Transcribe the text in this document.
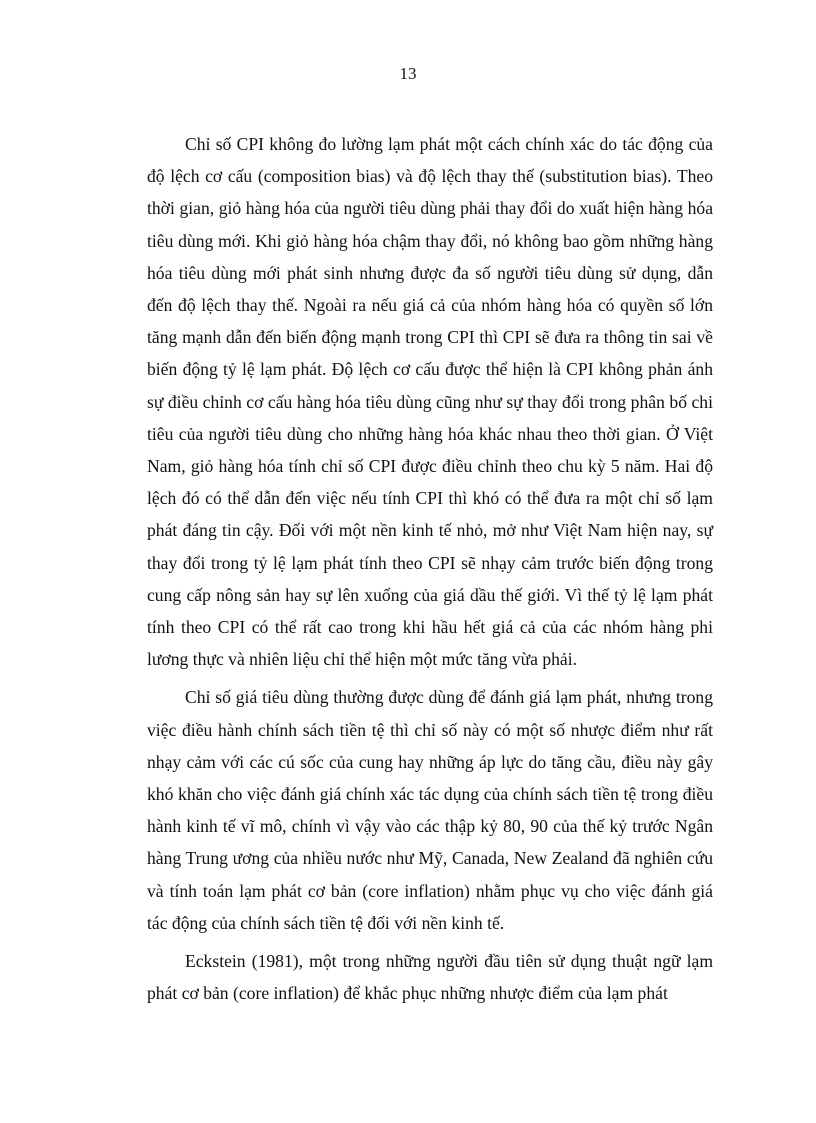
13

Chỉ số CPI không đo lường lạm phát một cách chính xác do tác động của độ lệch cơ cấu (composition bias) và độ lệch thay thế (substitution bias). Theo thời gian, giỏ hàng hóa của người tiêu dùng phải thay đổi do xuất hiện hàng hóa tiêu dùng mới. Khi giỏ hàng hóa chậm thay đổi, nó không bao gồm những hàng hóa tiêu dùng mới phát sinh nhưng được đa số người tiêu dùng sử dụng, dẫn đến độ lệch thay thế. Ngoài ra nếu giá cả của nhóm hàng hóa có quyền số lớn tăng mạnh dẫn đến biến động mạnh trong CPI thì CPI sẽ đưa ra thông tin sai về biến động tỷ lệ lạm phát. Độ lệch cơ cấu được thể hiện là CPI không phản ánh sự điều chỉnh cơ cấu hàng hóa tiêu dùng cũng như sự thay đổi trong phân bố chi tiêu của người tiêu dùng cho những hàng hóa khác nhau theo thời gian. Ở Việt Nam, giỏ hàng hóa tính chỉ số CPI được điều chỉnh theo chu kỳ 5 năm. Hai độ lệch đó có thể dẫn đến việc nếu tính CPI thì khó có thể đưa ra một chỉ số lạm phát đáng tin cậy. Đối với một nền kinh tế nhỏ, mở như Việt Nam hiện nay, sự thay đổi trong tỷ lệ lạm phát tính theo CPI sẽ nhạy cảm trước biến động trong cung cấp nông sản hay sự lên xuống của giá dầu thế giới. Vì thế tỷ lệ lạm phát tính theo CPI có thể rất cao trong khi hầu hết giá cả của các nhóm hàng phi lương thực và nhiên liệu chỉ thể hiện một mức tăng vừa phải.

Chỉ số giá tiêu dùng thường được dùng để đánh giá lạm phát, nhưng trong việc điều hành chính sách tiền tệ thì chỉ số này có một số nhược điểm như rất nhạy cảm với các cú sốc của cung hay những áp lực do tăng cầu, điều này gây khó khăn cho việc đánh giá chính xác tác dụng của chính sách tiền tệ trong điều hành kinh tế vĩ mô, chính vì vậy vào các thập kỷ 80, 90 của thế kỷ trước Ngân hàng Trung ương của nhiều nước như Mỹ, Canada, New Zealand đã nghiên cứu và tính toán lạm phát cơ bản (core inflation) nhằm phục vụ cho việc đánh giá tác động của chính sách tiền tệ đối với nền kinh tế.

Eckstein (1981), một trong những người đầu tiên sử dụng thuật ngữ lạm phát cơ bản (core inflation) để khắc phục những nhược điểm của lạm phát
